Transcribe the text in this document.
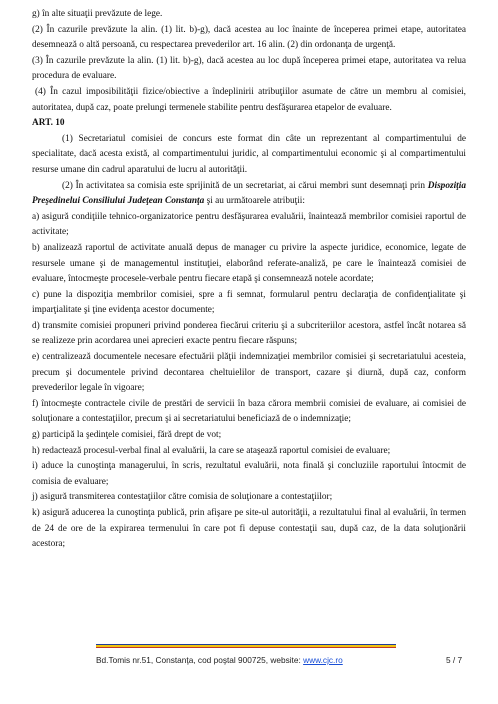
g) în alte situaţii prevăzute de lege.

(2) În cazurile prevăzute la alin. (1) lit. b)-g), dacă acestea au loc înainte de începerea primei etape, autoritatea desemnează o altă persoană, cu respectarea prevederilor art. 16 alin. (2) din ordonanţa de urgenţă.

(3) În cazurile prevăzute la alin. (1) lit. b)-g), dacă acestea au loc după începerea primei etape, autoritatea va relua procedura de evaluare.

(4) În cazul imposibilităţii fizice/obiective a îndeplinirii atribuţiilor asumate de către un membru al comisiei, autoritatea, după caz, poate prelungi termenele stabilite pentru desfăşurarea etapelor de evaluare.

ART. 10

(1) Secretariatul comisiei de concurs este format din câte un reprezentant al compartimentului de specialitate, dacă acesta există, al compartimentului juridic, al compartimentului economic şi al compartimentului resurse umane din cadrul aparatului de lucru al autorităţii.

(2) În activitatea sa comisia este sprijinită de un secretariat, ai cărui membri sunt desemnaţi prin Dispoziţia Preşedinelui Consiliului Judeţean Constanţa şi au următoarele atribuţii:

a) asigură condiţiile tehnico-organizatorice pentru desfăşurarea evaluării, înaintează membrilor comisiei raportul de activitate;

b) analizează raportul de activitate anuală depus de manager cu privire la aspecte juridice, economice, legate de resursele umane şi de managementul instituţiei, elaborând referate-analiză, pe care le înaintează comisiei de evaluare, întocmeşte procesele-verbale pentru fiecare etapă şi consemnează notele acordate;

c) pune la dispoziţia membrilor comisiei, spre a fi semnat, formularul pentru declaraţia de confidenţialitate şi imparţialitate şi ţine evidenţa acestor documente;

d) transmite comisiei propuneri privind ponderea fiecărui criteriu şi a subcriteriilor acestora, astfel încât notarea să se realizeze prin acordarea unei aprecieri exacte pentru fiecare răspuns;

e) centralizează documentele necesare efectuării plăţii indemnizaţiei membrilor comisiei şi secretariatului acesteia, precum şi documentele privind decontarea cheltuielilor de transport, cazare şi diurnă, după caz, conform prevederilor legale în vigoare;

f) întocmeşte contractele civile de prestări de servicii în baza cărora membrii comisiei de evaluare, ai comisiei de soluţionare a contestaţiilor, precum şi ai secretariatului beneficiază de o indemnizaţie;

g) participă la şedinţele comisiei, fără drept de vot;

h) redactează procesul-verbal final al evaluării, la care se ataşează raportul comisiei de evaluare;

i) aduce la cunoştinţa managerului, în scris, rezultatul evaluării, nota finală şi concluziile raportului întocmit de comisia de evaluare;

j) asigură transmiterea contestaţiilor către comisia de soluţionare a contestaţiilor;

k) asigură aducerea la cunoştinţa publică, prin afişare pe site-ul autorităţii, a rezultatului final al evaluării, în termen de 24 de ore de la expirarea termenului în care pot fi depuse contestaţii sau, după caz, de la data soluţionării acestora;

Bd.Tomis nr.51, Constanţa, cod poştal 900725, website: www.cjc.ro	5 / 7
